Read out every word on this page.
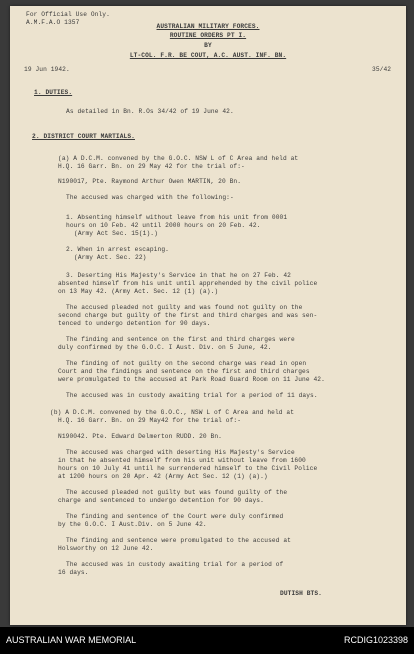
For Official Use Only.
A.M.F.A.O 1357
AUSTRALIAN MILITARY FORCES.
ROUTINE ORDERS PT I.
BY
LT-COL. F.R. BE COUT, A.C. AUST. INF. BN.
19 Jun 1942.	35/42
1. DUTIES.
As detailed in Bn. R.Os 34/42 of 19 June 42.
2. DISTRICT COURT MARTIALS.
(a) A D.C.M. convened by the G.O.C. NSW L of C Area and held at
H.Q. 16 Garr. Bn. on 29 May 42 for the trial of:-
N190017, Pte. Raymond Arthur Owen MARTIN, 20 Bn.
The accused was charged with the following:-
1. Absenting himself without leave from his unit from 0001
hours on 10 Feb. 42 until 2000 hours on 20 Feb. 42.
(Army Act Sec. 15(1).)
2. When in arrest escaping.
(Army Act. Sec. 22)
3. Deserting His Majesty's Service in that he on 27 Feb. 42
absented himself from his unit until apprehended by the civil police
on 13 May 42. (Army Act. Sec. 12 (1) (a).)
The accused pleaded not guilty and was found not guilty on the
second charge but guilty of the first and third charges and was sen-
tenced to undergo detention for 90 days.
The finding and sentence on the first and third charges were
duly confirmed by the G.O.C. I Aust. Div. on 5 June, 42.
The finding of not guilty on the second charge was read in open
Court and the findings and sentence on the first and third charges
were promulgated to the accused at Park Road Guard Room on 11 June 42.
The accused was in custody awaiting trial for a period of 11 days.
(b) A D.C.M. convened by the G.O.C., NSW L of C Area and held at
H.Q. 16 Garr. Bn. on 29 May42 for the trial of:-
N190042. Pte. Edward Delmerton RUDD. 20 Bn.
The accused was charged with deserting His Majesty's Service
in that he absented himself from his unit without leave from 1600
hours on 10 July 41 until he surrendered himself to the Civil Police
at 1200 hours on 20 Apr. 42 (Army Act Sec. 12 (1) (a).)
The accused pleaded not guilty but was found guilty of the
charge and sentenced to undergo detention for 90 days.
The finding and sentence of the Court were duly confirmed
by the G.O.C. I Aust.Div. on 5 June 42.
The finding and sentence were promulgated to the accused at
Holsworthy on 12 June 42.
The accused was in custody awaiting trial for a period of
16 days.
DUTISH BTS.
AUSTRALIAN WAR MEMORIAL	RCDIG1023398
